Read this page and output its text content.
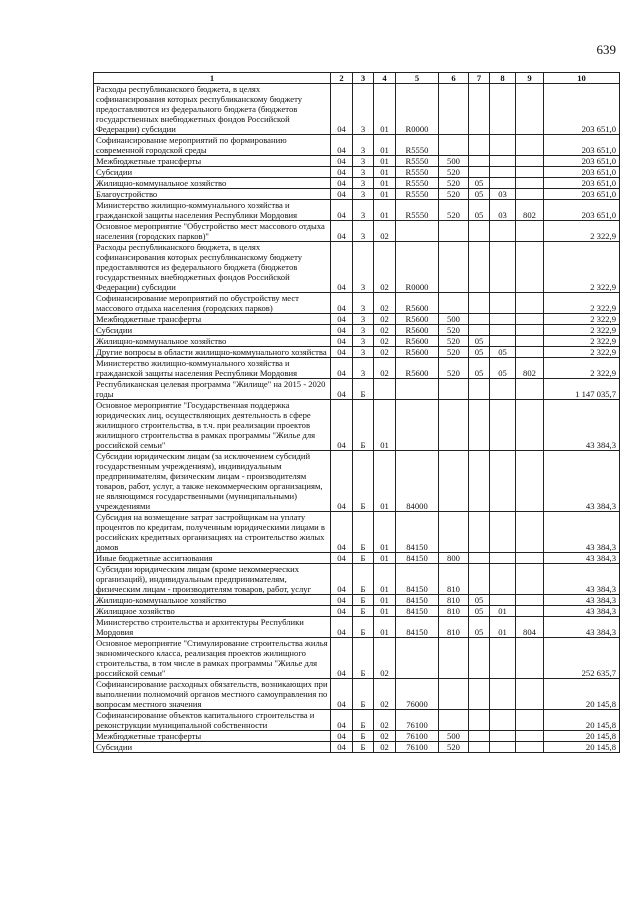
639
1	2	3	4	5	6	7	8	9	10
Расходы республиканского бюджета, в целях софинансирования которых республиканскому бюджету предоставляются из федерального бюджета (бюджетов государственных внебюджетных фондов Российской Федерации) субсидии	04	3	01	R0000					203 651,0
Софинансирование мероприятий по формированию современной городской среды	04	3	01	R5550					203 651,0
Межбюджетные трансферты	04	3	01	R5550	500				203 651,0
Субсидии	04	3	01	R5550	520				203 651,0
Жилищно-коммунальное хозяйство	04	3	01	R5550	520	05			203 651,0
Благоустройство	04	3	01	R5550	520	05	03		203 651,0
Министерство жилищно-коммунального хозяйства и гражданской защиты населения Республики Мордовия	04	3	01	R5550	520	05	03	802	203 651,0
Основное мероприятие "Обустройство мест массового отдыха населения (городских парков)"	04	3	02						2 322,9
Расходы республиканского бюджета, в целях софинансирования которых республиканскому бюджету предоставляются из федерального бюджета (бюджетов государственных внебюджетных фондов Российской Федерации) субсидии	04	3	02	R0000					2 322,9
Софинансирование мероприятий по обустройству мест массового отдыха населения (городских парков)	04	3	02	R5600					2 322,9
Межбюджетные трансферты	04	3	02	R5600	500				2 322,9
Субсидии	04	3	02	R5600	520				2 322,9
Жилищно-коммунальное хозяйство	04	3	02	R5600	520	05			2 322,9
Другие вопросы в области жилищно-коммунального хозяйства	04	3	02	R5600	520	05	05		2 322,9
Министерство жилищно-коммунального хозяйства и гражданской защиты населения Республики Мордовия	04	3	02	R5600	520	05	05	802	2 322,9
Республиканская целевая программа "Жилище" на 2015 - 2020 годы	04	Б							1 147 035,7
Основное мероприятие "Государственная поддержка юридических лиц, осуществляющих деятельность в сфере жилищного строительства, в т.ч. при реализации проектов жилищного строительства в рамках программы "Жилье для российской семьи"	04	Б	01						43 384,3
Субсидии юридическим лицам (за исключением субсидий государственным учреждениям), индивидуальным предпринимателям, физическим лицам - производителям товаров, работ, услуг, а также некоммерческим организациям, не являющимся государственными (муниципальными) учреждениями	04	Б	01	84000					43 384,3
Субсидия на возмещение затрат застройщикам на уплату процентов по кредитам, полученным юридическими лицами в российских кредитных организациях на строительство жилых домов	04	Б	01	84150					43 384,3
Иные бюджетные ассигнования	04	Б	01	84150	800				43 384,3
Субсидии юридическим лицам (кроме некоммерческих организаций), индивидуальным предпринимателям, физическим лицам - производителям товаров, работ, услуг	04	Б	01	84150	810				43 384,3
Жилищно-коммунальное хозяйство	04	Б	01	84150	810	05			43 384,3
Жилищное хозяйство	04	Б	01	84150	810	05	01		43 384,3
Министерство строительства и архитектуры Республики Мордовия	04	Б	01	84150	810	05	01	804	43 384,3
Основное мероприятие "Стимулирование строительства жилья экономического класса, реализация проектов жилищного строительства, в том числе в рамках программы "Жилье для российской семьи"	04	Б	02						252 635,7
Софинансирование расходных обязательств, возникающих при выполнении полномочий органов местного самоуправления по вопросам местного значения	04	Б	02	76000					20 145,8
Софинансирование объектов капитального строительства и реконструкции муниципальной собственности	04	Б	02	76100					20 145,8
Межбюджетные трансферты	04	Б	02	76100	500				20 145,8
Субсидии	04	Б	02	76100	520				20 145,8
